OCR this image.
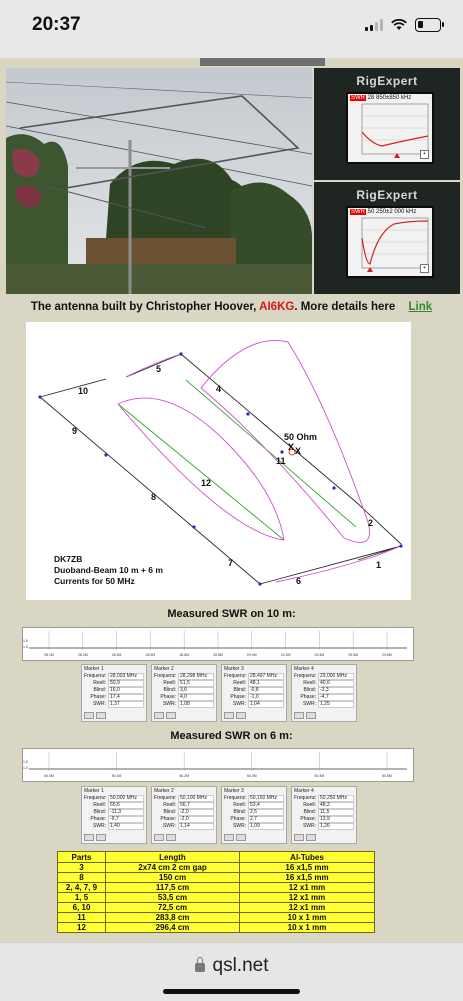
20:37
RigExpert
SWR 28 850±850 kHz
+
RigExpert
SWR 50 250±2 000 kHz
+
The antenna built by Christopher Hoover, AI6KG. More details here Link
1
2
4
5
6
7
8
9
10
11
12
50 Ohm
X X
DK7ZB
Duoband-Beam 10 m + 6 m
Currents for 50 MHz
Measured SWR on 10 m:
1.5
1.0
28.1M	28.2M	28.4M	28.5M	28.6M	28.8M	29.0M	29.2M	29.4M	29.5M	29.6M
Marker 1
Frequenz: 28,003 MHz
Reell: 50,9
Blind: 16,0
Phase: 17,4
SWR: 1,37
Marker 2
Frequenz: 28,298 MHz
Reell: 51,5
Blind: 3,6
Phase: 4,0
SWR: 1,08
Marker 3
Frequenz: 28,497 MHz
Reell: 48,1
Blind: -0,8
Phase: -1,0
SWR: 1,04
Marker 4
Frequenz: 29,000 MHz
Reell: 40,6
Blind: -3,3
Phase: -4,7
SWR: 1,25
Measured SWR on 6 m:
1.5
1.0
50.0M	50.1M	50.2M	50.3M	50.4M	50.5M
Marker 1
Frequenz: 50,000 MHz
Reell: 65,6
Blind: -11,3
Phase: -9,7
SWR: 1,40
Marker 2
Frequenz: 50,100 MHz
Reell: 56,7
Blind: -2,0
Phase: -2,0
SWR: 1,14
Marker 3
Frequenz: 50,150 MHz
Reell: 53,4
Blind: 2,5
Phase: 2,7
SWR: 1,09
Marker 4
Frequenz: 50,250 MHz
Reell: 48,2
Blind: 11,5
Phase: 13,9
SWR: 1,26
Parts	Length	Al-Tubes
3	2x74 cm 2 cm gap	16 x1,5 mm
8	150 cm	16 x1,5 mm
2, 4, 7, 9	117,5 cm	12 x1 mm
1, 5	53,5 cm	12 x1 mm
6, 10	72,5 cm	12 x1 mm
11	283,8 cm	10 x 1 mm
12	296,4 cm	10 x 1 mm
qsl.net
